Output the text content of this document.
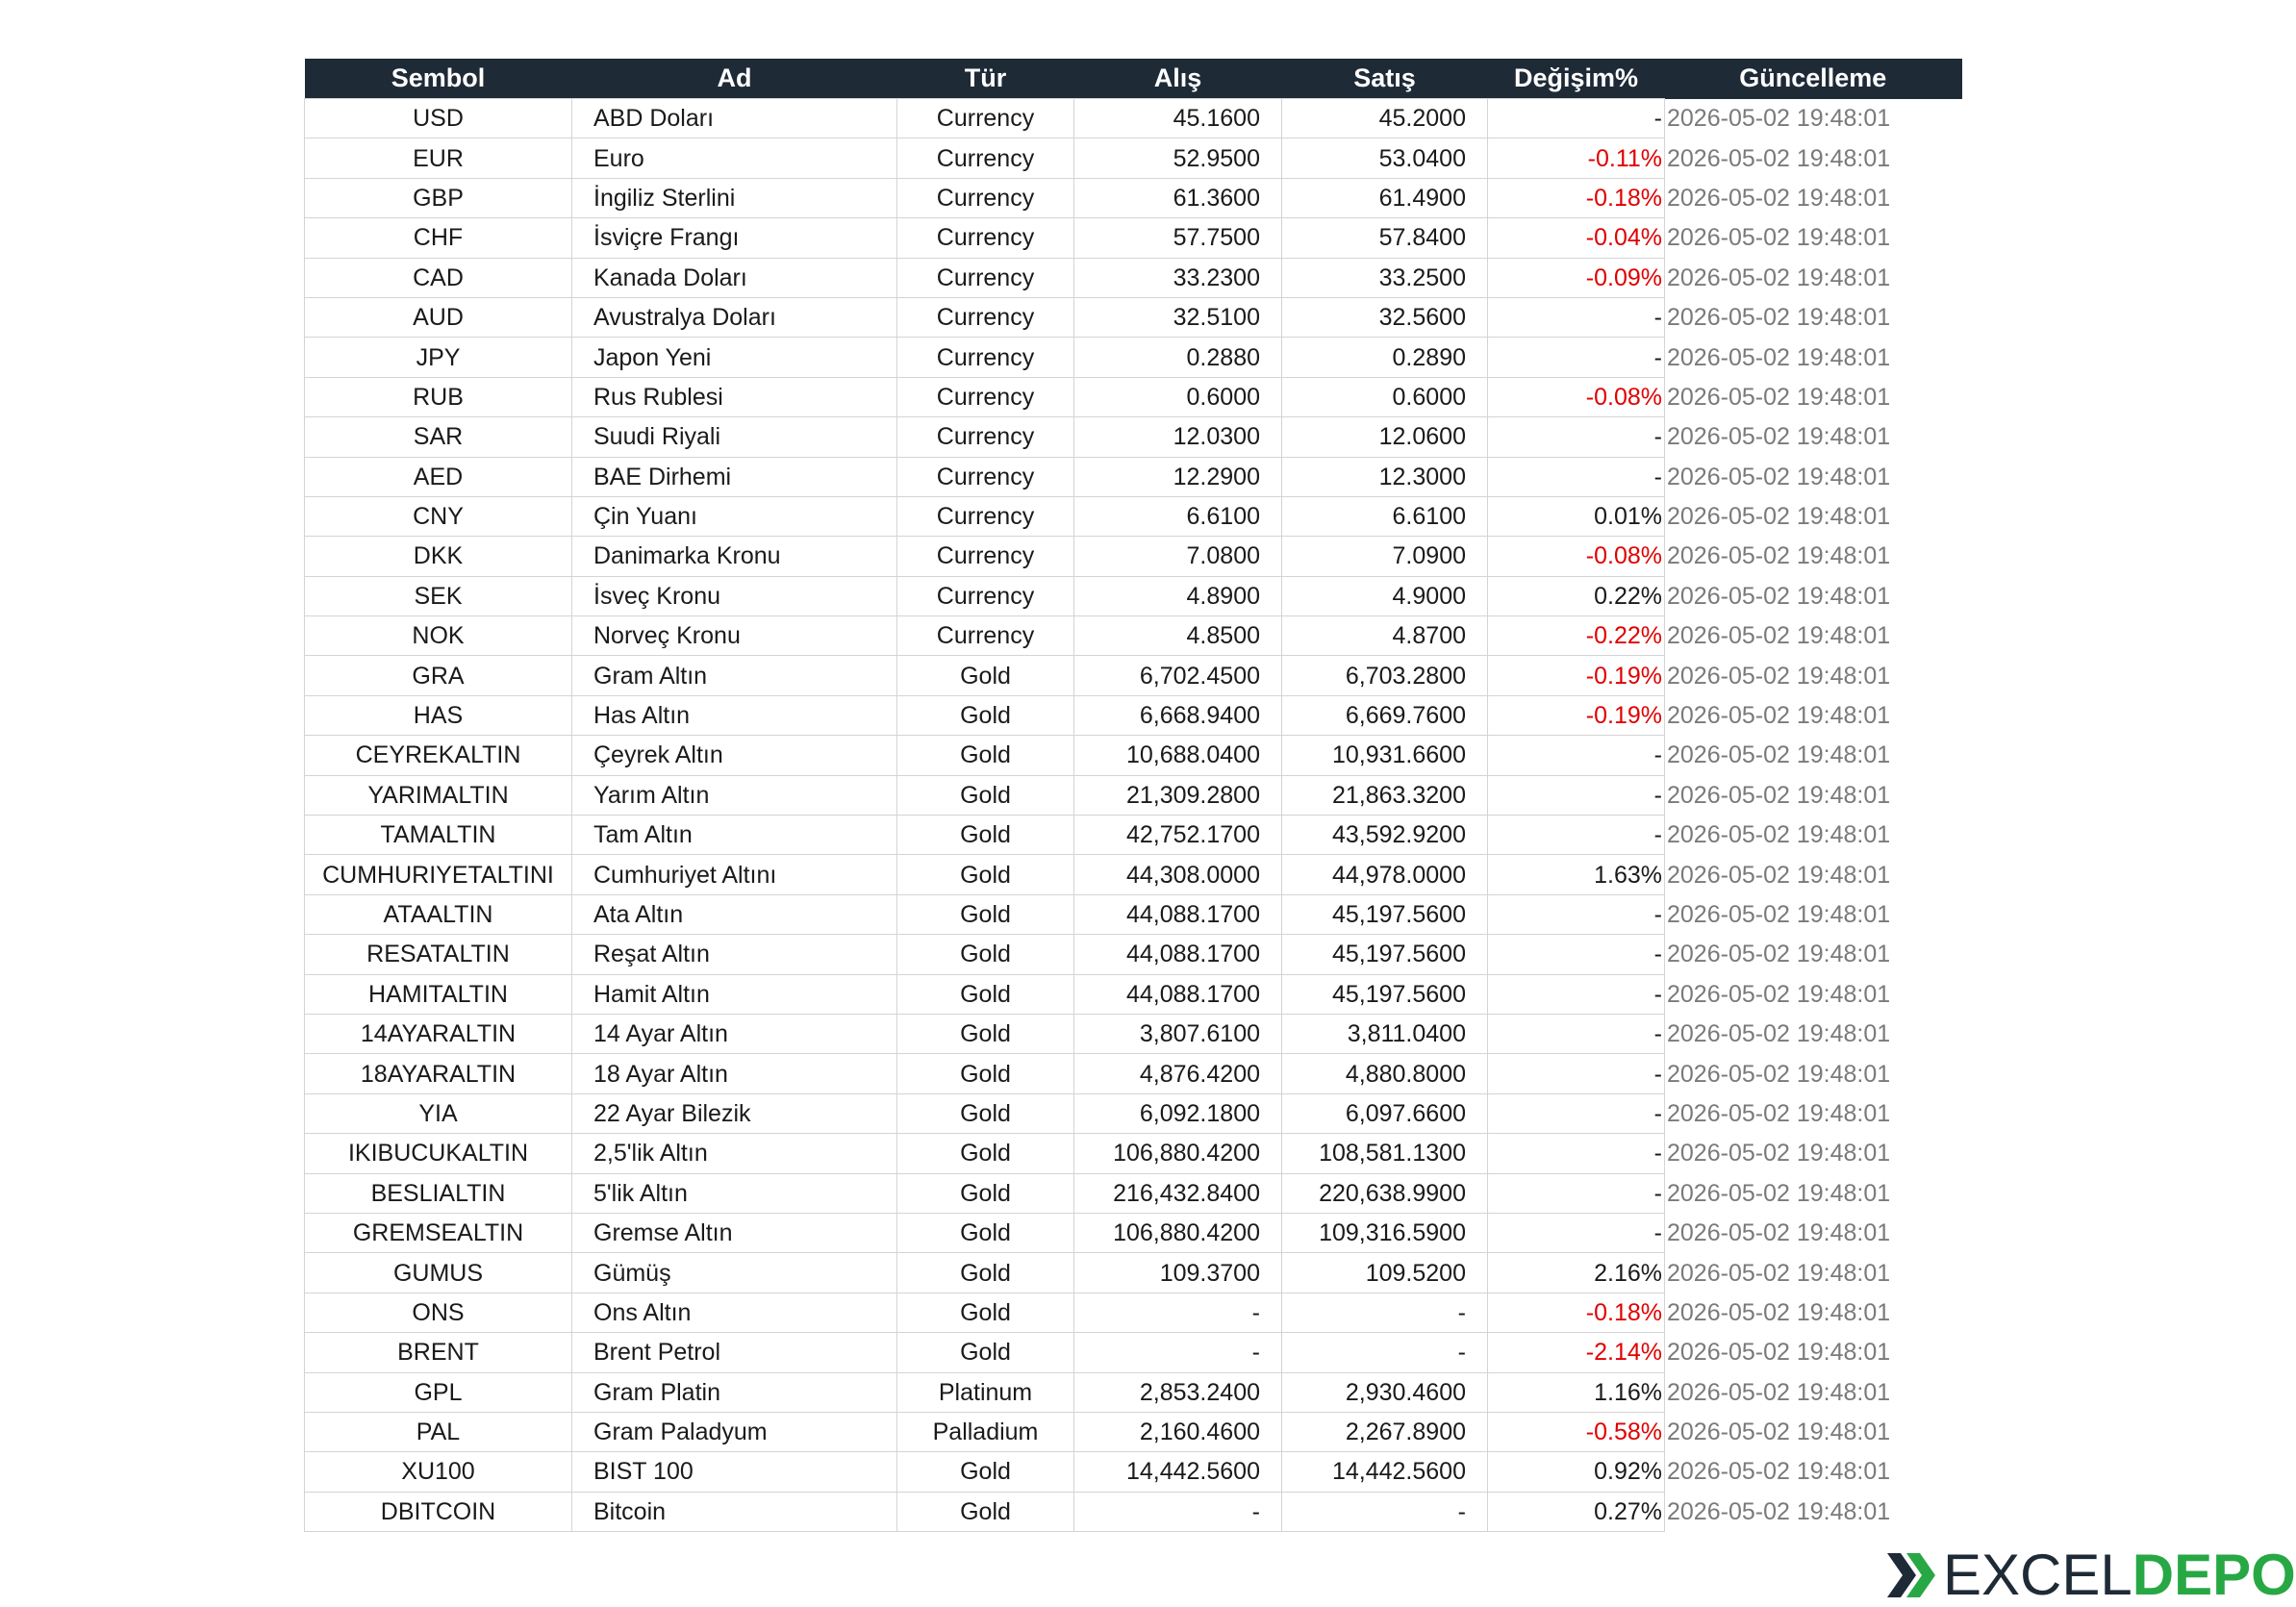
Sembol	Ad	Tür	Alış	Satış	Değişim%	Güncelleme
USD	ABD Doları	Currency	45.1600	45.2000	-	2026-05-02 19:48:01
EUR	Euro	Currency	52.9500	53.0400	-0.11%	2026-05-02 19:48:01
GBP	İngiliz Sterlini	Currency	61.3600	61.4900	-0.18%	2026-05-02 19:48:01
CHF	İsviçre Frangı	Currency	57.7500	57.8400	-0.04%	2026-05-02 19:48:01
CAD	Kanada Doları	Currency	33.2300	33.2500	-0.09%	2026-05-02 19:48:01
AUD	Avustralya Doları	Currency	32.5100	32.5600	-	2026-05-02 19:48:01
JPY	Japon Yeni	Currency	0.2880	0.2890	-	2026-05-02 19:48:01
RUB	Rus Rublesi	Currency	0.6000	0.6000	-0.08%	2026-05-02 19:48:01
SAR	Suudi Riyali	Currency	12.0300	12.0600	-	2026-05-02 19:48:01
AED	BAE Dirhemi	Currency	12.2900	12.3000	-	2026-05-02 19:48:01
CNY	Çin Yuanı	Currency	6.6100	6.6100	0.01%	2026-05-02 19:48:01
DKK	Danimarka Kronu	Currency	7.0800	7.0900	-0.08%	2026-05-02 19:48:01
SEK	İsveç Kronu	Currency	4.8900	4.9000	0.22%	2026-05-02 19:48:01
NOK	Norveç Kronu	Currency	4.8500	4.8700	-0.22%	2026-05-02 19:48:01
GRA	Gram Altın	Gold	6,702.4500	6,703.2800	-0.19%	2026-05-02 19:48:01
HAS	Has Altın	Gold	6,668.9400	6,669.7600	-0.19%	2026-05-02 19:48:01
CEYREKALTIN	Çeyrek Altın	Gold	10,688.0400	10,931.6600	-	2026-05-02 19:48:01
YARIMALTIN	Yarım Altın	Gold	21,309.2800	21,863.3200	-	2026-05-02 19:48:01
TAMALTIN	Tam Altın	Gold	42,752.1700	43,592.9200	-	2026-05-02 19:48:01
CUMHURIYETALTINI	Cumhuriyet Altını	Gold	44,308.0000	44,978.0000	1.63%	2026-05-02 19:48:01
ATAALTIN	Ata Altın	Gold	44,088.1700	45,197.5600	-	2026-05-02 19:48:01
RESATALTIN	Reşat Altın	Gold	44,088.1700	45,197.5600	-	2026-05-02 19:48:01
HAMITALTIN	Hamit Altın	Gold	44,088.1700	45,197.5600	-	2026-05-02 19:48:01
14AYARALTIN	14 Ayar Altın	Gold	3,807.6100	3,811.0400	-	2026-05-02 19:48:01
18AYARALTIN	18 Ayar Altın	Gold	4,876.4200	4,880.8000	-	2026-05-02 19:48:01
YIA	22 Ayar Bilezik	Gold	6,092.1800	6,097.6600	-	2026-05-02 19:48:01
IKIBUCUKALTIN	2,5'lik Altın	Gold	106,880.4200	108,581.1300	-	2026-05-02 19:48:01
BESLIALTIN	5'lik Altın	Gold	216,432.8400	220,638.9900	-	2026-05-02 19:48:01
GREMSEALTIN	Gremse Altın	Gold	106,880.4200	109,316.5900	-	2026-05-02 19:48:01
GUMUS	Gümüş	Gold	109.3700	109.5200	2.16%	2026-05-02 19:48:01
ONS	Ons Altın	Gold	-	-	-0.18%	2026-05-02 19:48:01
BRENT	Brent Petrol	Gold	-	-	-2.14%	2026-05-02 19:48:01
GPL	Gram Platin	Platinum	2,853.2400	2,930.4600	1.16%	2026-05-02 19:48:01
PAL	Gram Paladyum	Palladium	2,160.4600	2,267.8900	-0.58%	2026-05-02 19:48:01
XU100	BIST 100	Gold	14,442.5600	14,442.5600	0.92%	2026-05-02 19:48:01
DBITCOIN	Bitcoin	Gold	-	-	0.27%	2026-05-02 19:48:01
EXCEL DEPO
